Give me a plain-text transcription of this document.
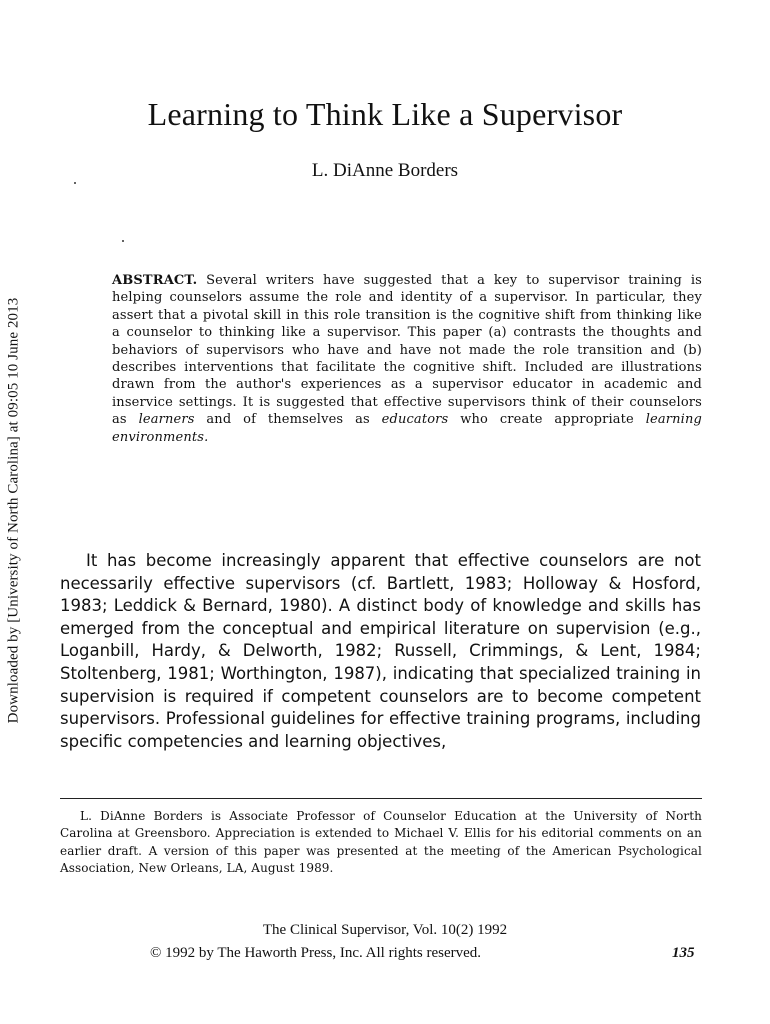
Downloaded by [University of North Carolina] at 09:05 10 June 2013
Learning to Think Like a Supervisor
L. DiAnne Borders
ABSTRACT. Several writers have suggested that a key to supervisor training is helping counselors assume the role and identity of a supervisor. In particular, they assert that a pivotal skill in this role transition is the cognitive shift from thinking like a counselor to thinking like a supervisor. This paper (a) contrasts the thoughts and behaviors of supervisors who have and have not made the role transition and (b) describes interventions that facilitate the cognitive shift. Included are illustrations drawn from the author's experiences as a supervisor educator in academic and inservice settings. It is suggested that effective supervisors think of their counselors as learners and of themselves as educators who create appropriate learning environments.
It has become increasingly apparent that effective counselors are not necessarily effective supervisors (cf. Bartlett, 1983; Holloway & Hosford, 1983; Leddick & Bernard, 1980). A distinct body of knowledge and skills has emerged from the conceptual and empirical literature on supervision (e.g., Loganbill, Hardy, & Delworth, 1982; Russell, Crimmings, & Lent, 1984; Stoltenberg, 1981; Worthington, 1987), indicating that specialized training in supervision is required if competent counselors are to become competent supervisors. Professional guidelines for effective training programs, including specific competencies and learning objectives,
L. DiAnne Borders is Associate Professor of Counselor Education at the University of North Carolina at Greensboro. Appreciation is extended to Michael V. Ellis for his editorial comments on an earlier draft. A version of this paper was presented at the meeting of the American Psychological Association, New Orleans, LA, August 1989.
The Clinical Supervisor, Vol. 10(2) 1992
© 1992 by The Haworth Press, Inc. All rights reserved.	135
